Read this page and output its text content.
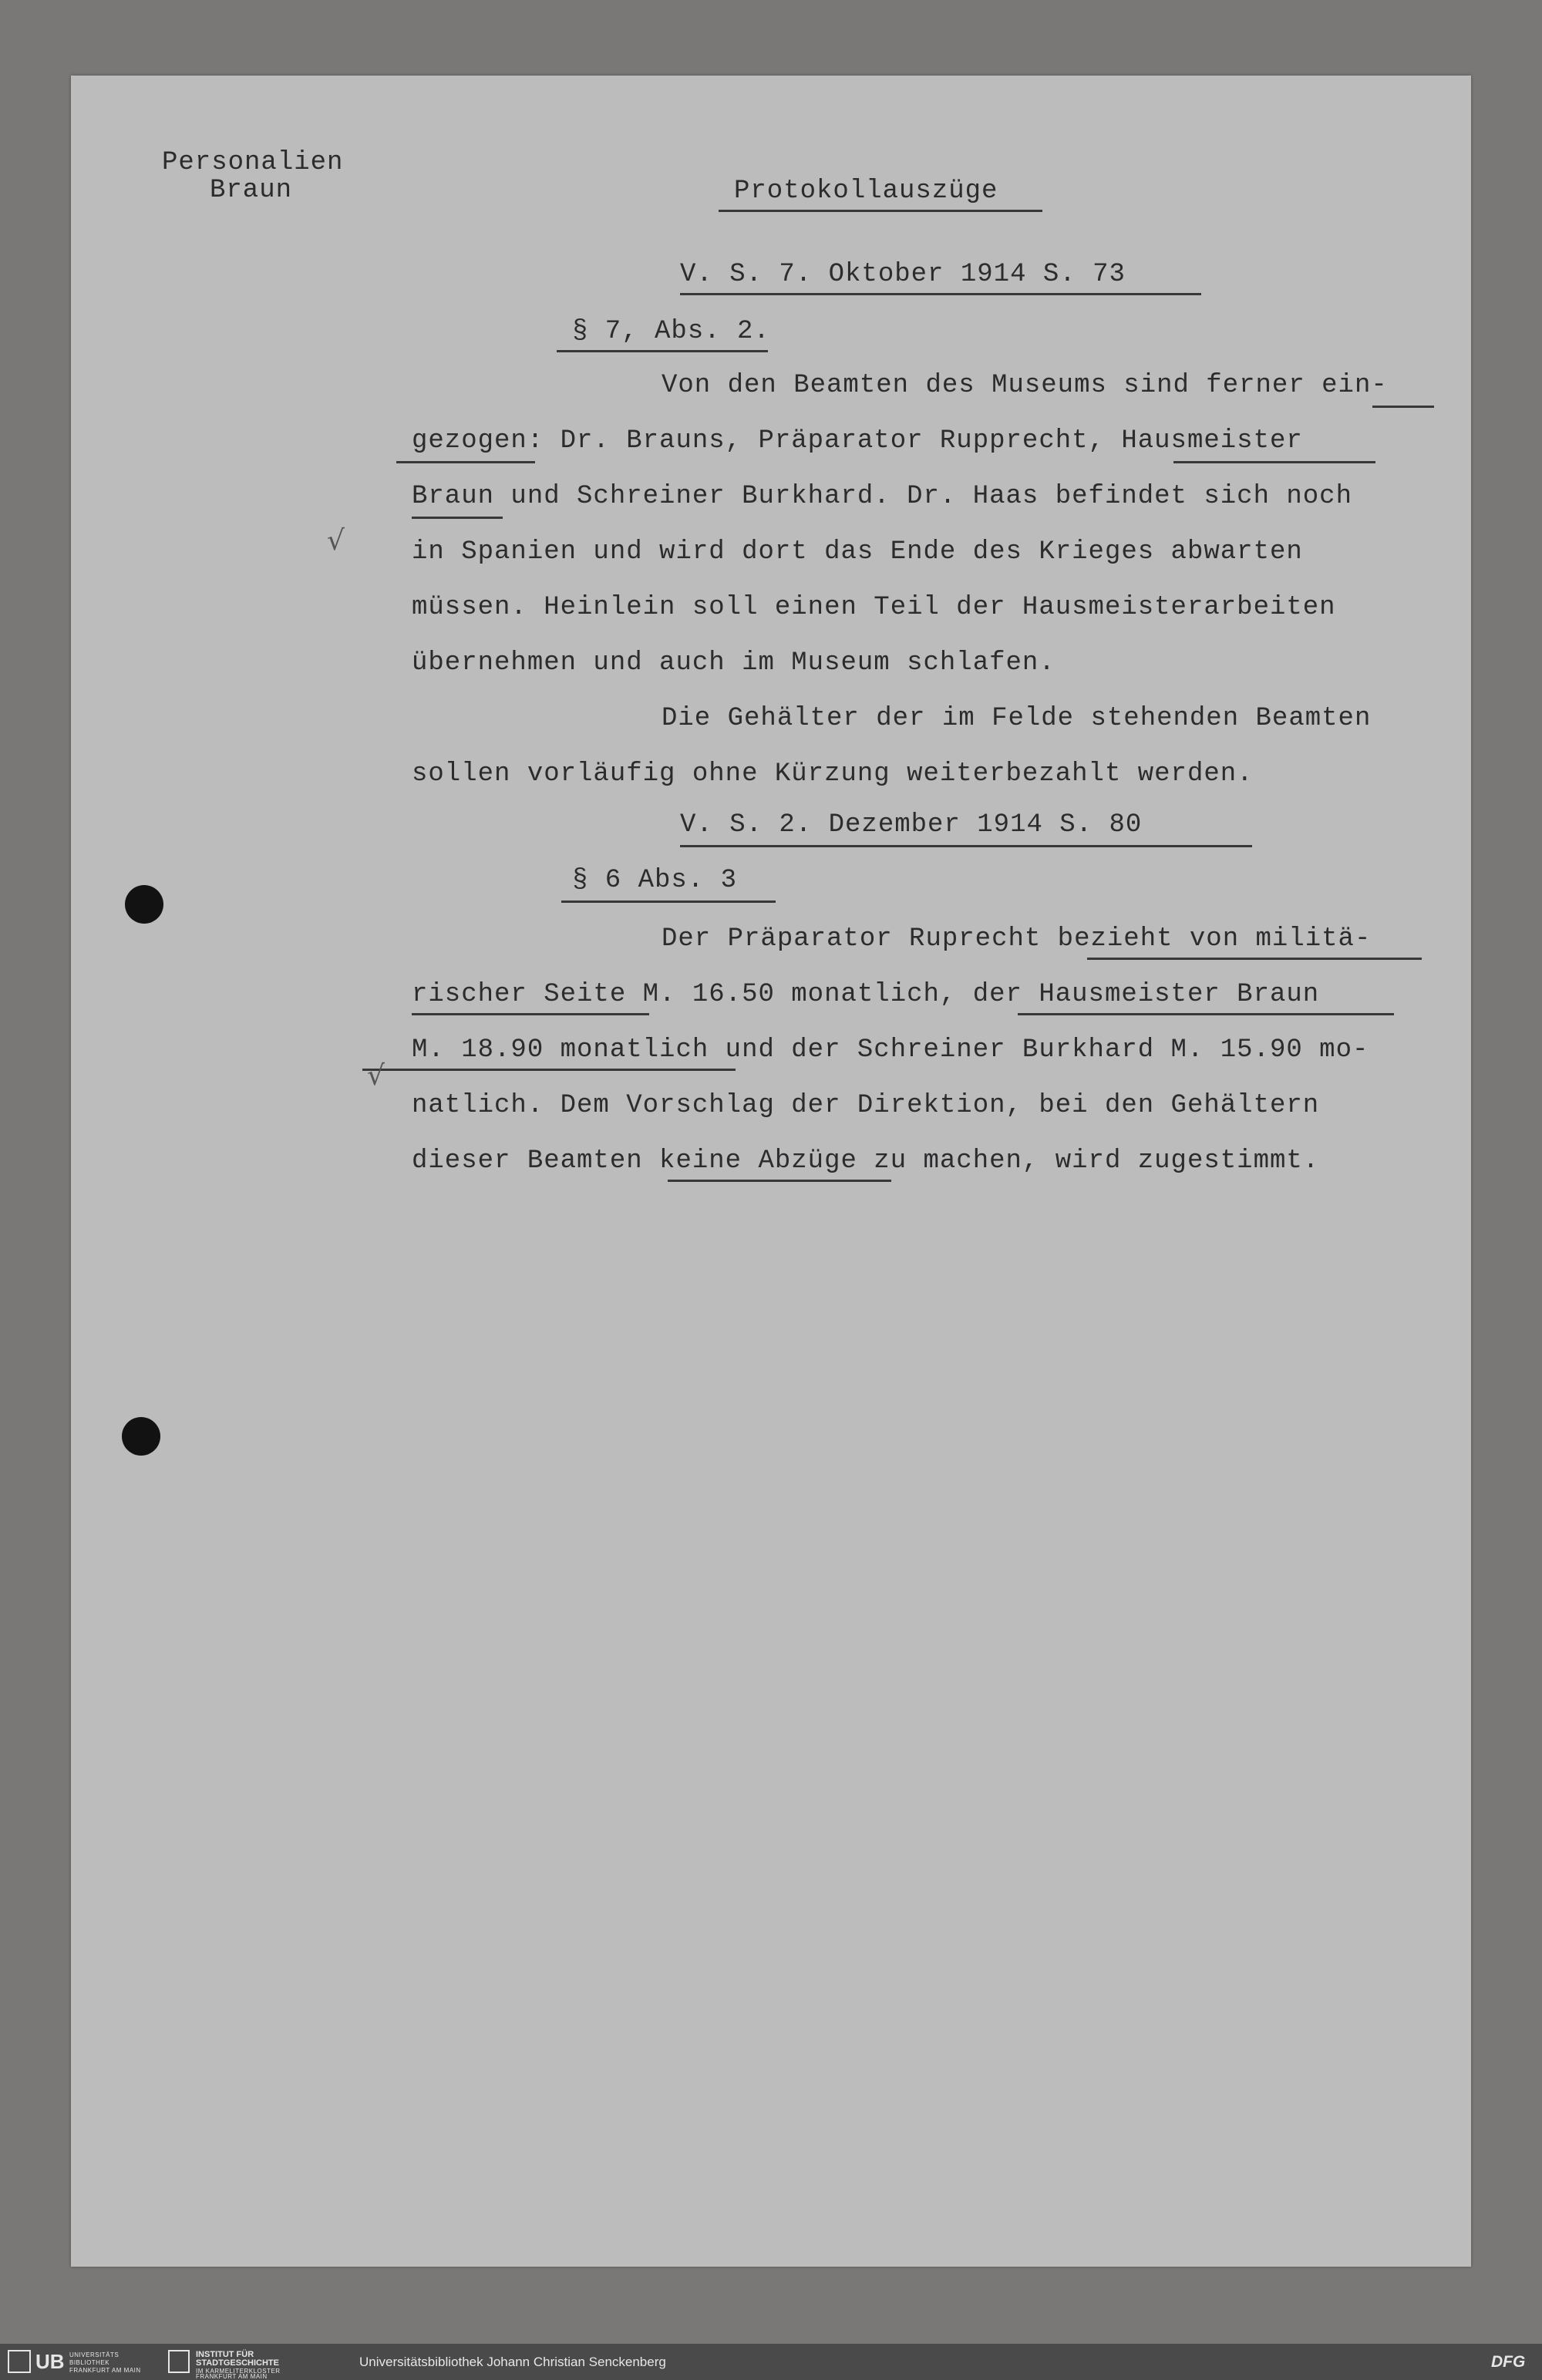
Personalien
Braun	Protokollauszüge
V. S. 7. Oktober 1914 S. 73
§ 7, Abs. 2.
Von den Beamten des Museums sind ferner ein-
gezogen: Dr. Brauns, Präparator Rupprecht, Hausmeister
Braun und Schreiner Burkhard. Dr. Haas befindet sich noch
in Spanien und wird dort das Ende des Krieges abwarten
√
müssen. Heinlein soll einen Teil der Hausmeisterarbeiten
übernehmen und auch im Museum schlafen.
Die Gehälter der im Felde stehenden Beamten
sollen vorläufig ohne Kürzung weiterbezahlt werden.
V. S. 2. Dezember 1914 S. 80
§ 6 Abs. 3
Der Präparator Ruprecht bezieht von militä-
rischer Seite M. 16.50 monatlich, der Hausmeister Braun
M. 18.90 monatlich und der Schreiner Burkhard M. 15.90 mo-
natlich. Dem Vorschlag der Direktion, bei den Gehältern
√
dieser Beamten keine Abzüge zu machen, wird zugestimmt.
UB UNIVERSITÄTS
BIBLIOTHEK
FRANKFURT AM MAIN
INSTITUT FÜR
STADTGESCHICHTE
IM KARMELITERKLOSTER
FRANKFURT AM MAIN
Universitätsbibliothek Johann Christian Senckenberg	DFG
